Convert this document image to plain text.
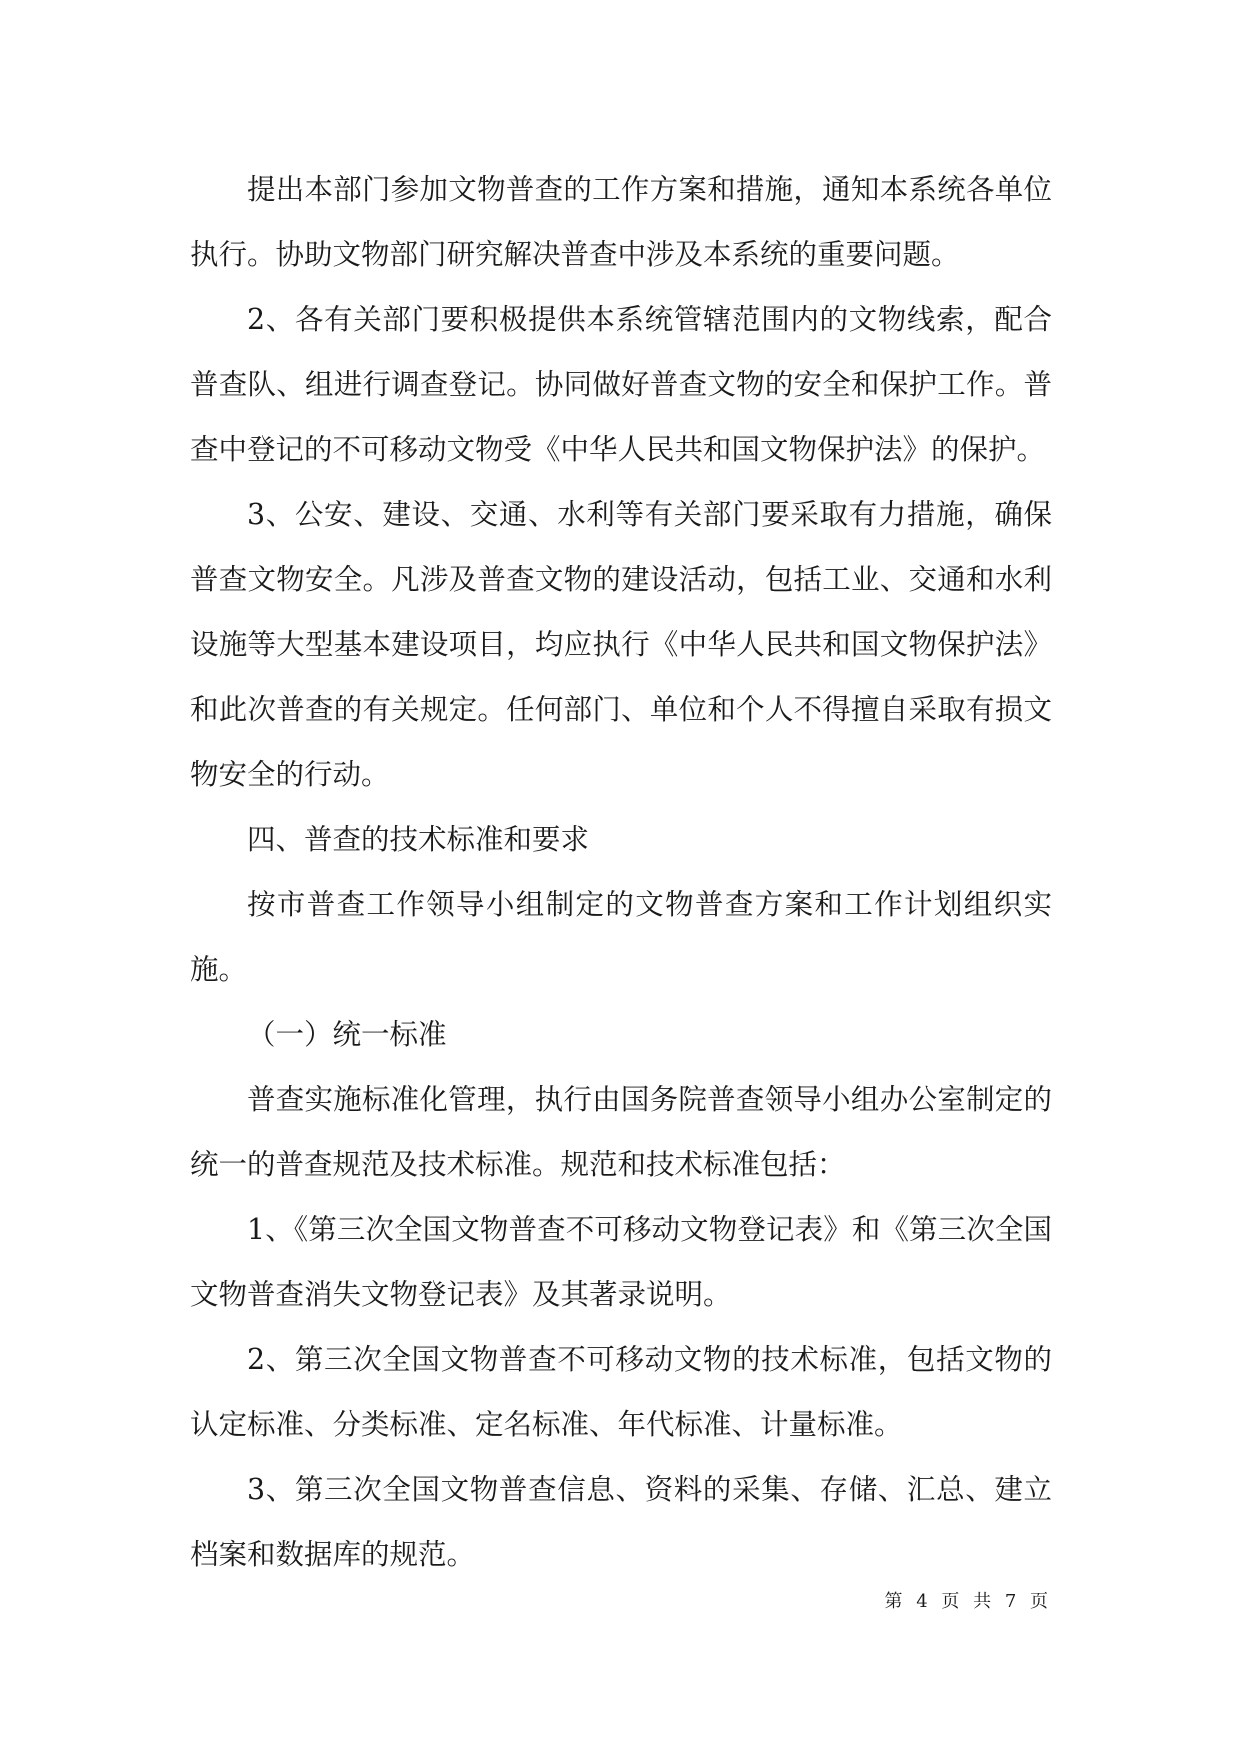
提出本部门参加文物普查的工作方案和措施，通知本系统各单位执行。协助文物部门研究解决普查中涉及本系统的重要问题。

2、各有关部门要积极提供本系统管辖范围内的文物线索，配合普查队、组进行调查登记。协同做好普查文物的安全和保护工作。普查中登记的不可移动文物受《中华人民共和国文物保护法》的保护。

3、公安、建设、交通、水利等有关部门要采取有力措施，确保普查文物安全。凡涉及普查文物的建设活动，包括工业、交通和水利设施等大型基本建设项目，均应执行《中华人民共和国文物保护法》和此次普查的有关规定。任何部门、单位和个人不得擅自采取有损文物安全的行动。

四、普查的技术标准和要求

按市普查工作领导小组制定的文物普查方案和工作计划组织实施。

（一）统一标准

普查实施标准化管理，执行由国务院普查领导小组办公室制定的统一的普查规范及技术标准。规范和技术标准包括：

1、《第三次全国文物普查不可移动文物登记表》和《第三次全国文物普查消失文物登记表》及其著录说明。

2、第三次全国文物普查不可移动文物的技术标准，包括文物的认定标准、分类标准、定名标准、年代标准、计量标准。

3、第三次全国文物普查信息、资料的采集、存储、汇总、建立档案和数据库的规范。

第 4 页 共 7 页
